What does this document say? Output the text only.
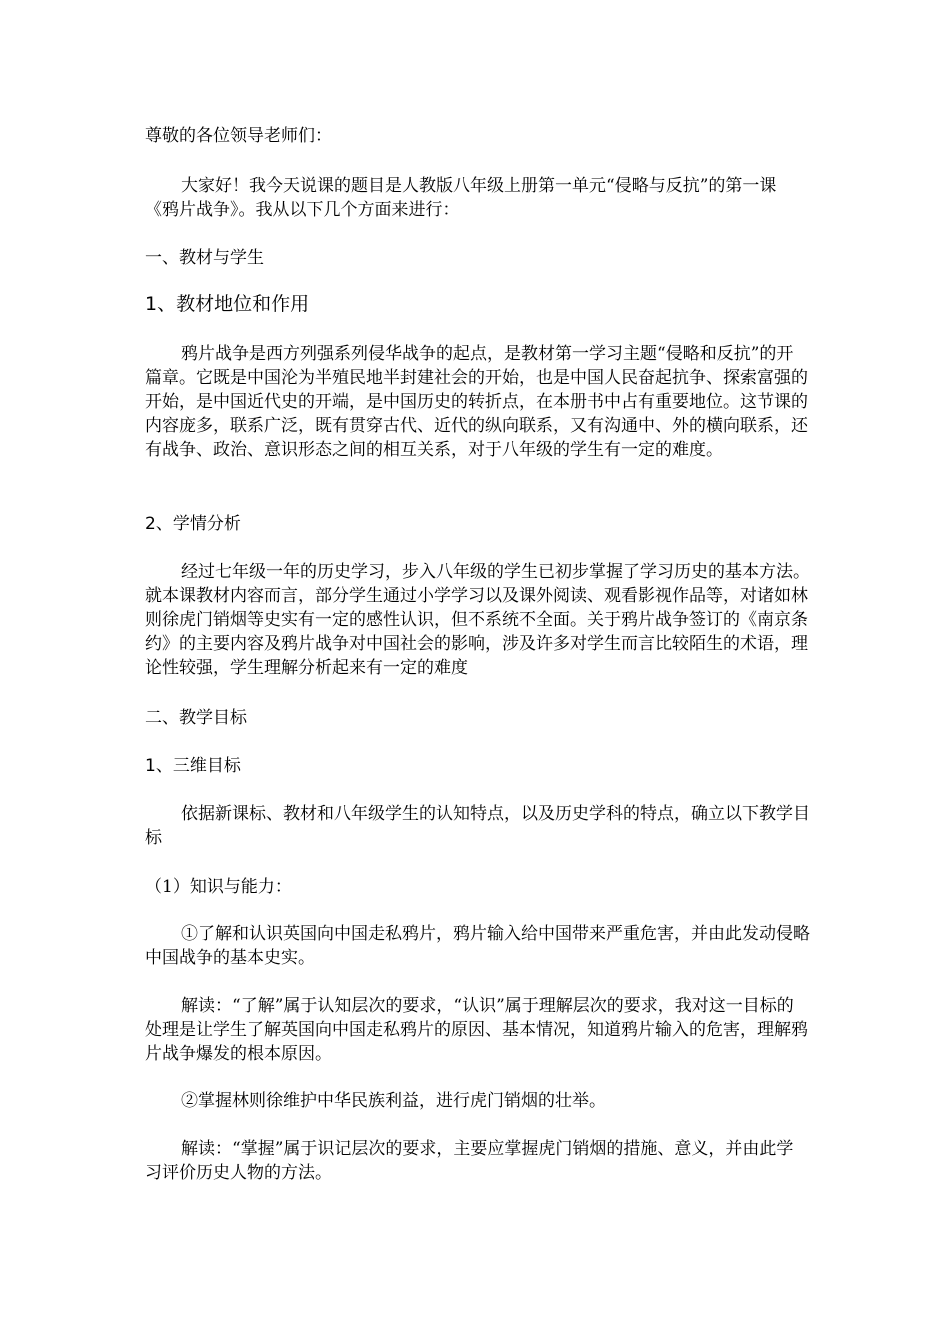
尊敬的各位领导老师们：

大家好！我今天说课的题目是人教版八年级上册第一单元“侵略与反抗”的第一课《鸦片战争》。我从以下几个方面来进行：

一、教材与学生

1、教材地位和作用

鸦片战争是西方列强系列侵华战争的起点，是教材第一学习主题“侵略和反抗”的开篇章。它既是中国沦为半殖民地半封建社会的开始，也是中国人民奋起抗争、探索富强的开始，是中国近代史的开端，是中国历史的转折点，在本册书中占有重要地位。这节课的内容庞多，联系广泛，既有贯穿古代、近代的纵向联系，又有沟通中、外的横向联系，还有战争、政治、意识形态之间的相互关系，对于八年级的学生有一定的难度。

2、学情分析

经过七年级一年的历史学习，步入八年级的学生已初步掌握了学习历史的基本方法。就本课教材内容而言，部分学生通过小学学习以及课外阅读、观看影视作品等，对诸如林则徐虎门销烟等史实有一定的感性认识，但不系统不全面。关于鸦片战争签订的《南京条约》的主要内容及鸦片战争对中国社会的影响，涉及许多对学生而言比较陌生的术语，理论性较强，学生理解分析起来有一定的难度

二、教学目标

1、三维目标

依据新课标、教材和八年级学生的认知特点，以及历史学科的特点，确立以下教学目标

（1）知识与能力：

①了解和认识英国向中国走私鸦片，鸦片输入给中国带来严重危害，并由此发动侵略中国战争的基本史实。

解读：“了解”属于认知层次的要求，“认识”属于理解层次的要求，我对这一目标的处理是让学生了解英国向中国走私鸦片的原因、基本情况，知道鸦片输入的危害，理解鸦片战争爆发的根本原因。

②掌握林则徐维护中华民族利益，进行虎门销烟的壮举。

解读：“掌握”属于识记层次的要求，主要应掌握虎门销烟的措施、意义，并由此学习评价历史人物的方法。
